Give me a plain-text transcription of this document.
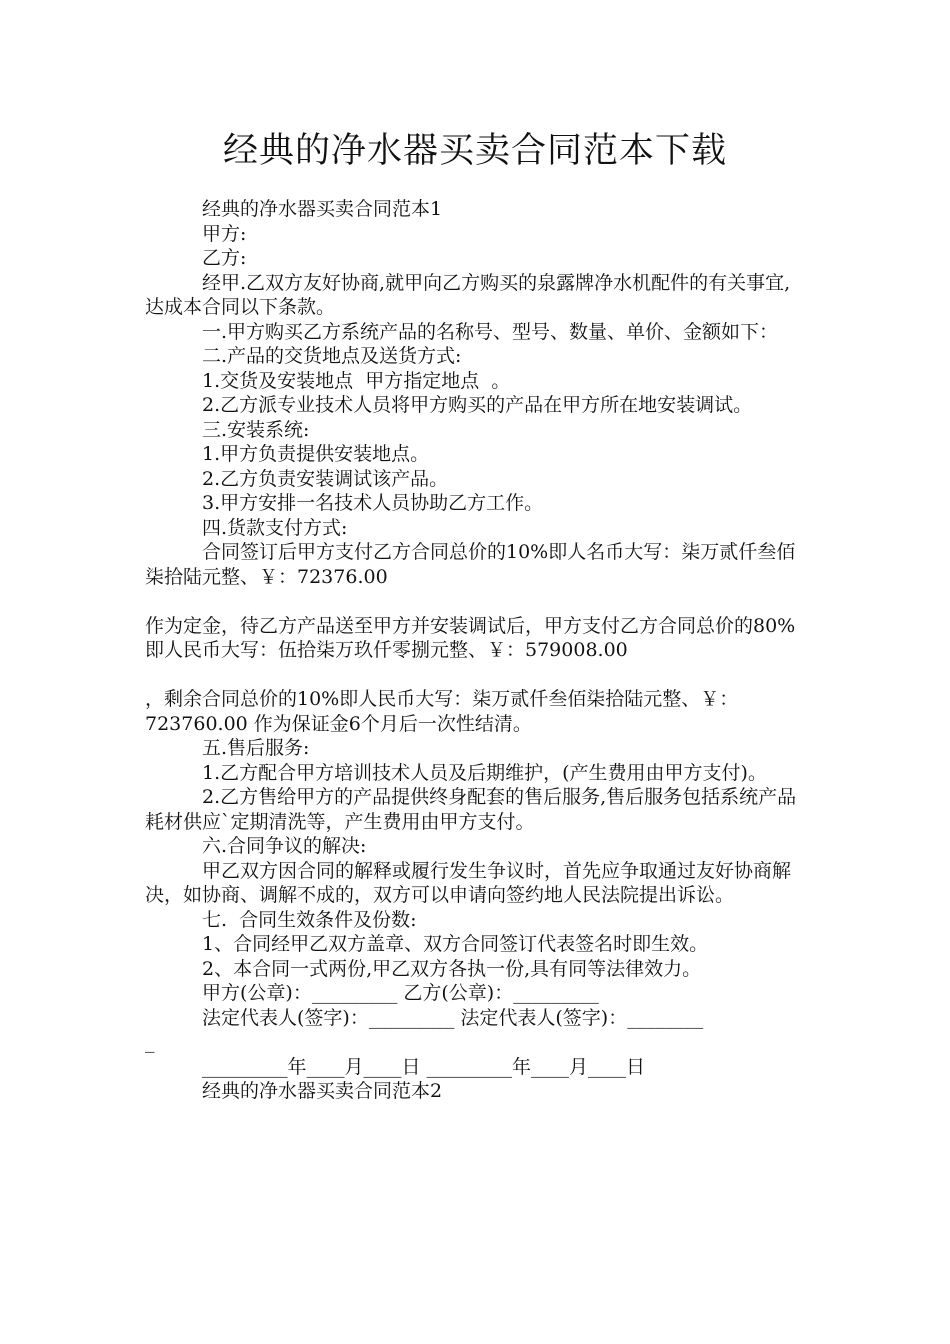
经典的净水器买卖合同范本下载

经典的净水器买卖合同范本1

甲方:

乙方:

经甲.乙双方友好协商,就甲向乙方购买的泉露牌净水机配件的有关事宜,达成本合同以下条款。

一.甲方购买乙方系统产品的名称号、型号、数量、单价、金额如下：

二.产品的交货地点及送货方式:

1.交货及安装地点  甲方指定地点  。

2.乙方派专业技术人员将甲方购买的产品在甲方所在地安装调试。

三.安装系统:

1.甲方负责提供安装地点。

2.乙方负责安装调试该产品。

3.甲方安排一名技术人员协助乙方工作。

四.货款支付方式:

合同签订后甲方支付乙方合同总价的10%即人名币大写：柒万贰仟叁佰柒拾陆元整、￥：72376.00

作为定金，待乙方产品送至甲方并安装调试后，甲方支付乙方合同总价的80%即人民币大写：伍拾柒万玖仟零捌元整、￥：579008.00

，剩余合同总价的10%即人民币大写：柒万贰仟叁佰柒拾陆元整、￥：723760.00 作为保证金6个月后一次性结清。

五.售后服务:

1.乙方配合甲方培训技术人员及后期维护，(产生费用由甲方支付)。

2.乙方售给甲方的产品提供终身配套的售后服务,售后服务包括系统产品耗材供应`定期清洗等，产生费用由甲方支付。

六.合同争议的解决:

甲乙双方因合同的解释或履行发生争议时，首先应争取通过友好协商解决，如协商、调解不成的，双方可以申请向签约地人民法院提出诉讼。

七.  合同生效条件及份数:

1、合同经甲乙双方盖章、双方合同签订代表签名时即生效。

2、本合同一式两份,甲乙双方各执一份,具有同等法律效力。

甲方(公章)：_________ 乙方(公章)：_________

法定代表人(签字)：_________ 法定代表人(签字)：________

_

_________年____月____日 _________年____月____日

经典的净水器买卖合同范本2
